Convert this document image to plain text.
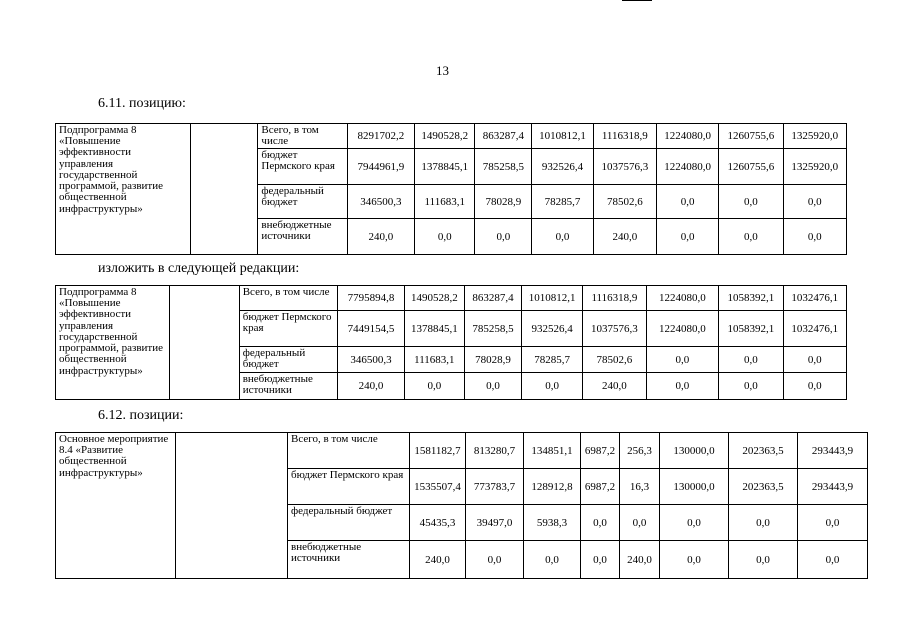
13
6.11. позицию:
Подпрограмма 8 «Повышение эффективности управления государственной программой, развитие общественной инфраструктуры»		Всего, в том числе	8291702,2	1490528,2	863287,4	1010812,1	1116318,9	1224080,0	1260755,6	1325920,0
		бюджет Пермского края	7944961,9	1378845,1	785258,5	932526,4	1037576,3	1224080,0	1260755,6	1325920,0
		федеральный бюджет	346500,3	111683,1	78028,9	78285,7	78502,6	0,0	0,0	0,0
		внебюджетные источники	240,0	0,0	0,0	0,0	240,0	0,0	0,0	0,0
изложить в следующей редакции:
Подпрограмма 8 «Повышение эффективности управления государственной программой, развитие общественной инфраструктуры»		Всего, в том числе	7795894,8	1490528,2	863287,4	1010812,1	1116318,9	1224080,0	1058392,1	1032476,1
		бюджет Пермского края	7449154,5	1378845,1	785258,5	932526,4	1037576,3	1224080,0	1058392,1	1032476,1
		федеральный бюджет	346500,3	111683,1	78028,9	78285,7	78502,6	0,0	0,0	0,0
		внебюджетные источники	240,0	0,0	0,0	0,0	240,0	0,0	0,0	0,0
6.12. позиции:
Основное мероприятие 8.4 «Развитие общественной инфраструктуры»		Всего, в том числе	1581182,7	813280,7	134851,1	6987,2	256,3	130000,0	202363,5	293443,9
		бюджет Пермского края	1535507,4	773783,7	128912,8	6987,2	16,3	130000,0	202363,5	293443,9
		федеральный бюджет	45435,3	39497,0	5938,3	0,0	0,0	0,0	0,0	0,0
		внебюджетные источники	240,0	0,0	0,0	0,0	240,0	0,0	0,0	0,0
